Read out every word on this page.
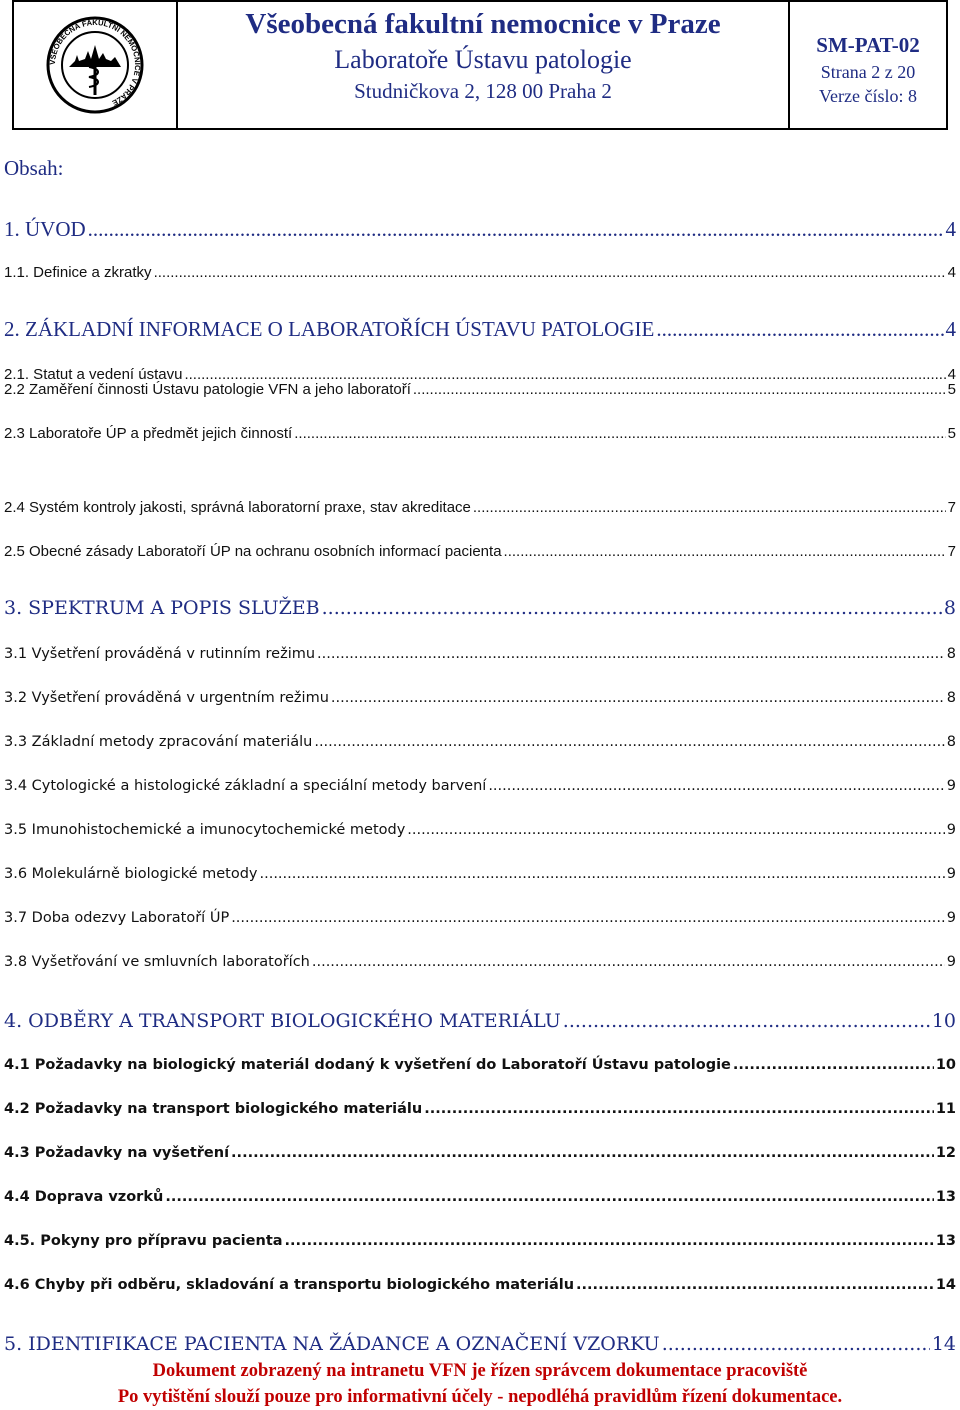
VŠEOBECNÁ FAKULTNÍ NEMOCNICE V PRAZE
Všeobecná fakultní nemocnice v Praze
Laboratoře Ústavu patologie
Studničkova 2, 128 00 Praha 2
SM-PAT-02
Strana 2 z 20
Verze číslo: 8
Obsah:
1. ÚVOD .....	4
1.1. Definice a zkratky .....	4
2. ZÁKLADNÍ INFORMACE O LABORATOŘÍCH ÚSTAVU PATOLOGIE .....	4
2.1. Statut a vedení ústavu .....	4
2.2 Zaměření činnosti Ústavu patologie VFN a jeho laboratoří .....	5
2.3 Laboratoře ÚP a předmět jejich činností .....	5
2.4 Systém kontroly jakosti, správná laboratorní praxe, stav akreditace .....	7
2.5 Obecné zásady Laboratoří ÚP na ochranu osobních informací pacienta .....	7
3. SPEKTRUM A POPIS SLUŽEB .....	8
3.1 Vyšetření prováděná v rutinním režimu .....	8
3.2 Vyšetření prováděná v urgentním režimu .....	8
3.3 Základní metody zpracování materiálu .....	8
3.4 Cytologické a histologické základní a speciální metody barvení .....	9
3.5 Imunohistochemické a imunocytochemické metody .....	9
3.6 Molekulárně biologické metody .....	9
3.7 Doba odezvy Laboratoří ÚP .....	9
3.8 Vyšetřování ve smluvních laboratořích .....	9
4. ODBĚRY A TRANSPORT BIOLOGICKÉHO MATERIÁLU .....	10
4.1 Požadavky na biologický materiál dodaný k vyšetření do Laboratoří Ústavu patologie .....	10
4.2 Požadavky na transport biologického materiálu .....	11
4.3 Požadavky na vyšetření .....	12
4.4 Doprava vzorků .....	13
4.5. Pokyny pro přípravu pacienta .....	13
4.6 Chyby při odběru, skladování a transportu biologického materiálu .....	14
5. IDENTIFIKACE PACIENTA NA ŽÁDANCE A OZNAČENÍ VZORKU .....	14
Dokument zobrazený na intranetu VFN je řízen správcem dokumentace pracoviště
Po vytištění slouží pouze pro informativní účely - nepodléhá pravidlům řízení dokumentace.
